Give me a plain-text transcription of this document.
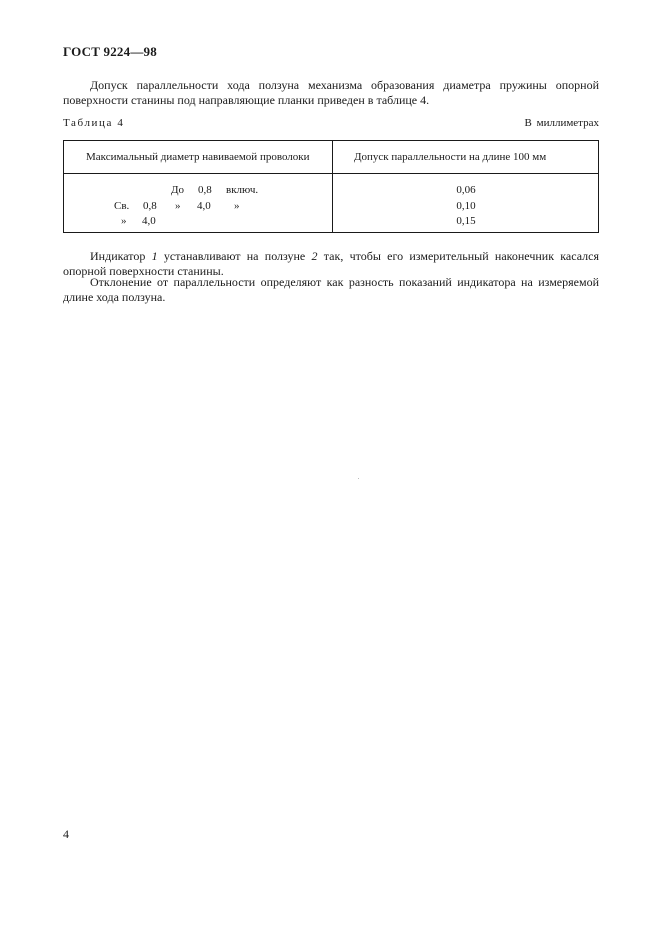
ГОСТ 9224—98
Допуск параллельности хода ползуна механизма образования диаметра пружины опорной поверхности станины под направляющие планки приведен в таблице 4.
Таблица 4	В миллиметрах
Максимальный диаметр навиваемой проволоки	Допуск параллельности на длине 100 мм
До 0,8 включ.	0,06
Св. 0,8 » 4,0 »	0,10
» 4,0	0,15
Индикатор 1 устанавливают на ползуне 2 так, чтобы его измерительный наконечник касался опорной поверхности станины.
Отклонение от параллельности определяют как разность показаний индикатора на измеряемой длине хода ползуна.
4
